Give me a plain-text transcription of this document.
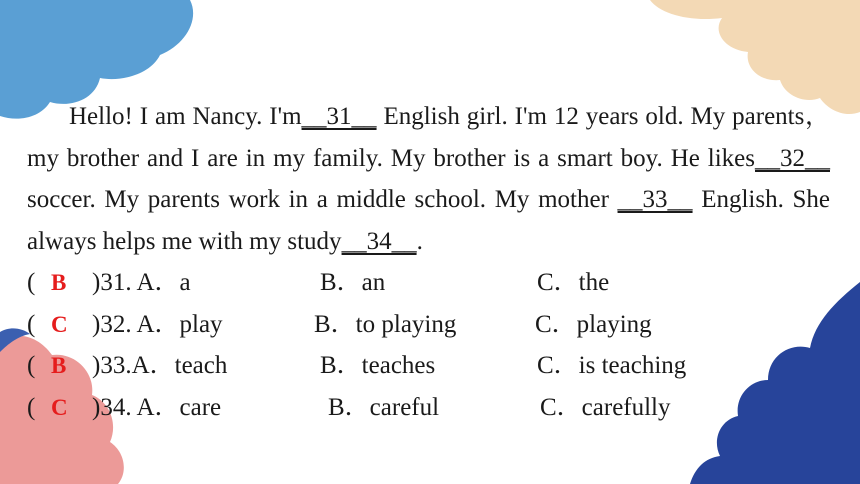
Hello! I am Nancy. I'm__31__ English girl. I'm 12 years old. My parents，my brother and I are in my family. My brother is a smart boy. He likes__32__ soccer. My parents work in a middle school. My mother __33__ English. She always helps me with my study__34__.

( B )31. A．a	B．an	C．the
( C )32. A．play	B．to playing	C．playing
( B )33.A．teach	B．teaches	C．is teaching
( C )34. A．care	B．careful	C．carefully
